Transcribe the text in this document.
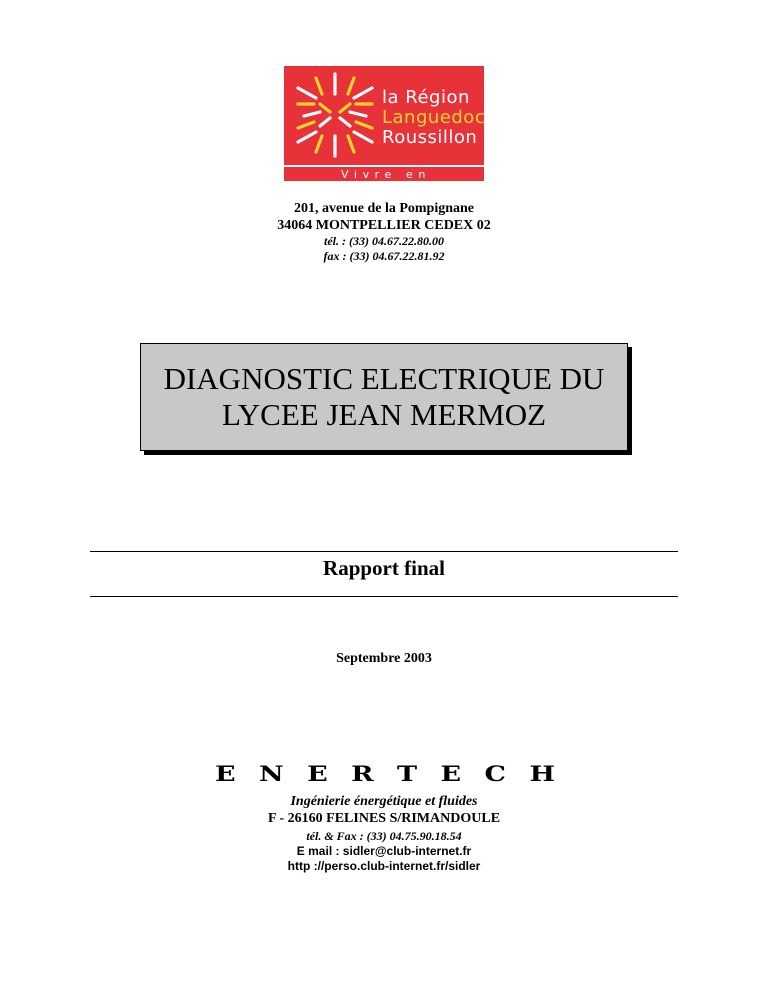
la Région
Languedoc
Roussillon
Vivre en Septimanie
201, avenue de la Pompignane
34064 MONTPELLIER CEDEX 02
tél. : (33) 04.67.22.80.00
fax : (33) 04.67.22.81.92
DIAGNOSTIC ELECTRIQUE DU
LYCEE JEAN MERMOZ
Rapport final
Septembre 2003
E N E R T E C H
Ingénierie énergétique et fluides
F - 26160 FELINES S/RIMANDOULE
tél. & Fax : (33) 04.75.90.18.54
E mail : sidler@club-internet.fr
http ://perso.club-internet.fr/sidler
